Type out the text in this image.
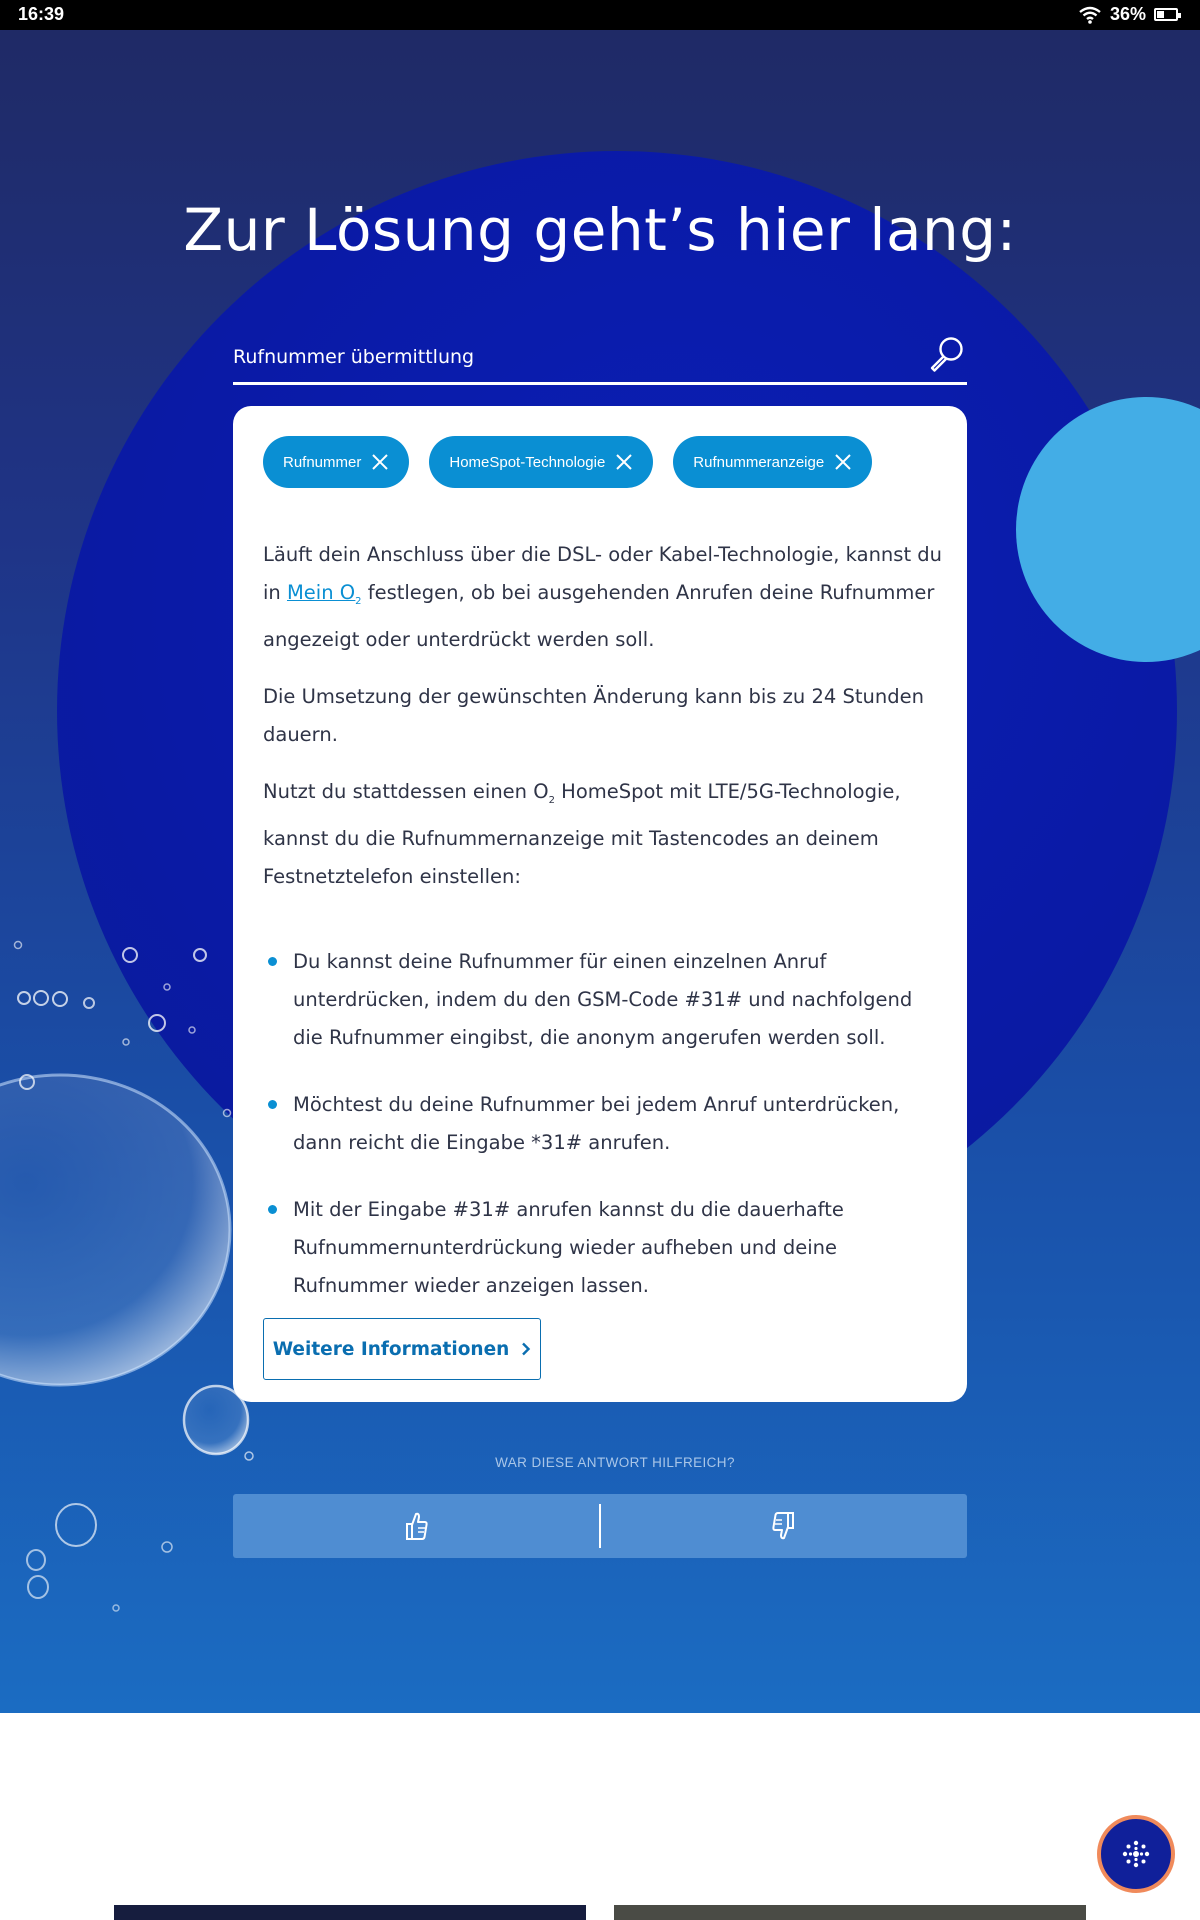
16:39	36%
Zur Lösung geht’s hier lang:
Rufnummer übermittlung
Rufnummer	HomeSpot-Technologie	Rufnummeranzeige

Läuft dein Anschluss über die DSL- oder Kabel-Technologie, kannst du in Mein $O_2$ festlegen, ob bei ausgehenden Anrufen deine Rufnummer angezeigt oder unterdrückt werden soll.

Die Umsetzung der gewünschten Änderung kann bis zu 24 Stunden dauern.

Nutzt du stattdessen einen $O_2$ HomeSpot mit LTE/5G-Technologie, kannst du die Rufnummernanzeige mit Tastencodes an deinem Festnetztelefon einstellen:

Du kannst deine Rufnummer für einen einzelnen Anruf unterdrücken, indem du den GSM-Code #31# und nachfolgend die Rufnummer eingibst, die anonym angerufen werden soll.
Möchtest du deine Rufnummer bei jedem Anruf unterdrücken, dann reicht die Eingabe *31# anrufen.
Mit der Eingabe #31# anrufen kannst du die dauerhafte Rufnummernunterdrückung wieder aufheben und deine Rufnummer wieder anzeigen lassen.
Weitere Informationen
WAR DIESE ANTWORT HILFREICH?
